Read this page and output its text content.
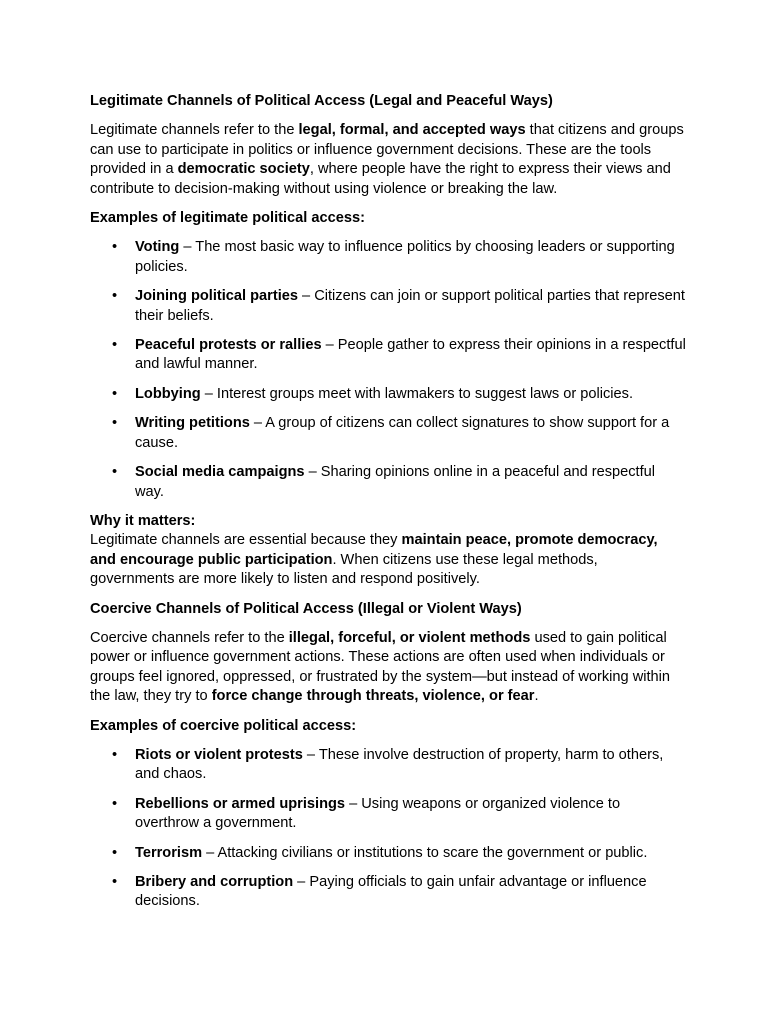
Legitimate Channels of Political Access (Legal and Peaceful Ways)

Legitimate channels refer to the legal, formal, and accepted ways that citizens and groups can use to participate in politics or influence government decisions. These are the tools provided in a democratic society, where people have the right to express their views and contribute to decision-making without using violence or breaking the law.

Examples of legitimate political access:
• Voting – The most basic way to influence politics by choosing leaders or supporting policies.
• Joining political parties – Citizens can join or support political parties that represent their beliefs.
• Peaceful protests or rallies – People gather to express their opinions in a respectful and lawful manner.
• Lobbying – Interest groups meet with lawmakers to suggest laws or policies.
• Writing petitions – A group of citizens can collect signatures to show support for a cause.
• Social media campaigns – Sharing opinions online in a peaceful and respectful way.
Why it matters:

Legitimate channels are essential because they maintain peace, promote democracy, and encourage public participation. When citizens use these legal methods, governments are more likely to listen and respond positively.

Coercive Channels of Political Access (Illegal or Violent Ways)

Coercive channels refer to the illegal, forceful, or violent methods used to gain political power or influence government actions. These actions are often used when individuals or groups feel ignored, oppressed, or frustrated by the system—but instead of working within the law, they try to force change through threats, violence, or fear.

Examples of coercive political access:
• Riots or violent protests – These involve destruction of property, harm to others, and chaos.
• Rebellions or armed uprisings – Using weapons or organized violence to overthrow a government.
• Terrorism – Attacking civilians or institutions to scare the government or public.
• Bribery and corruption – Paying officials to gain unfair advantage or influence decisions.
